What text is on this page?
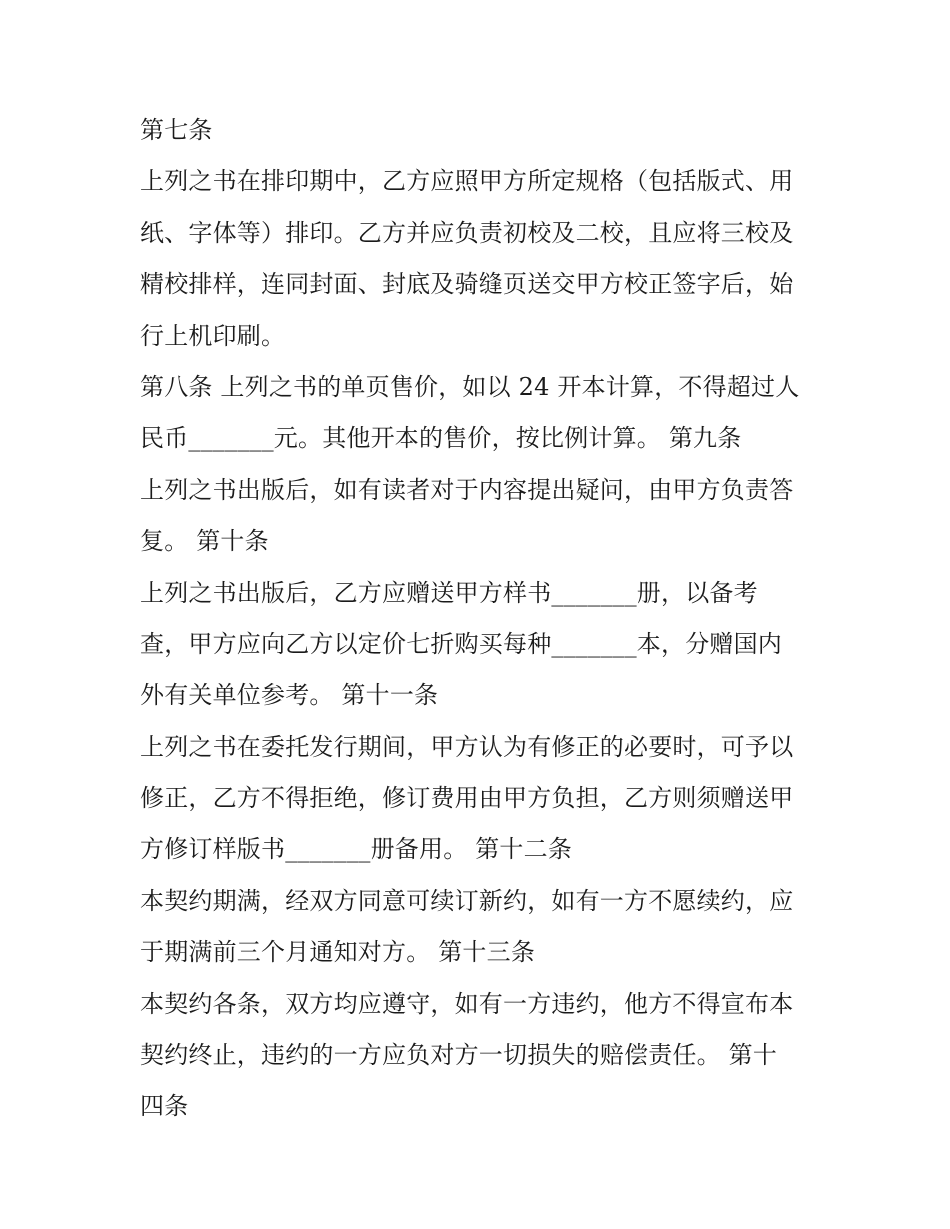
第七条
上列之书在排印期中，乙方应照甲方所定规格（包括版式、用
纸、字体等）排印。乙方并应负责初校及二校，且应将三校及
精校排样，连同封面、封底及骑缝页送交甲方校正签字后，始
行上机印刷。
第八条 上列之书的单页售价，如以 24 开本计算，不得超过人
民币_______元。其他开本的售价，按比例计算。 第九条
上列之书出版后，如有读者对于内容提出疑问，由甲方负责答
复。 第十条
上列之书出版后，乙方应赠送甲方样书_______册，以备考
查，甲方应向乙方以定价七折购买每种_______本，分赠国内
外有关单位参考。 第十一条
上列之书在委托发行期间，甲方认为有修正的必要时，可予以
修正，乙方不得拒绝，修订费用由甲方负担，乙方则须赠送甲
方修订样版书_______册备用。 第十二条
本契约期满，经双方同意可续订新约，如有一方不愿续约，应
于期满前三个月通知对方。 第十三条
本契约各条，双方均应遵守，如有一方违约，他方不得宣布本
契约终止，违约的一方应负对方一切损失的赔偿责任。 第十
四条
